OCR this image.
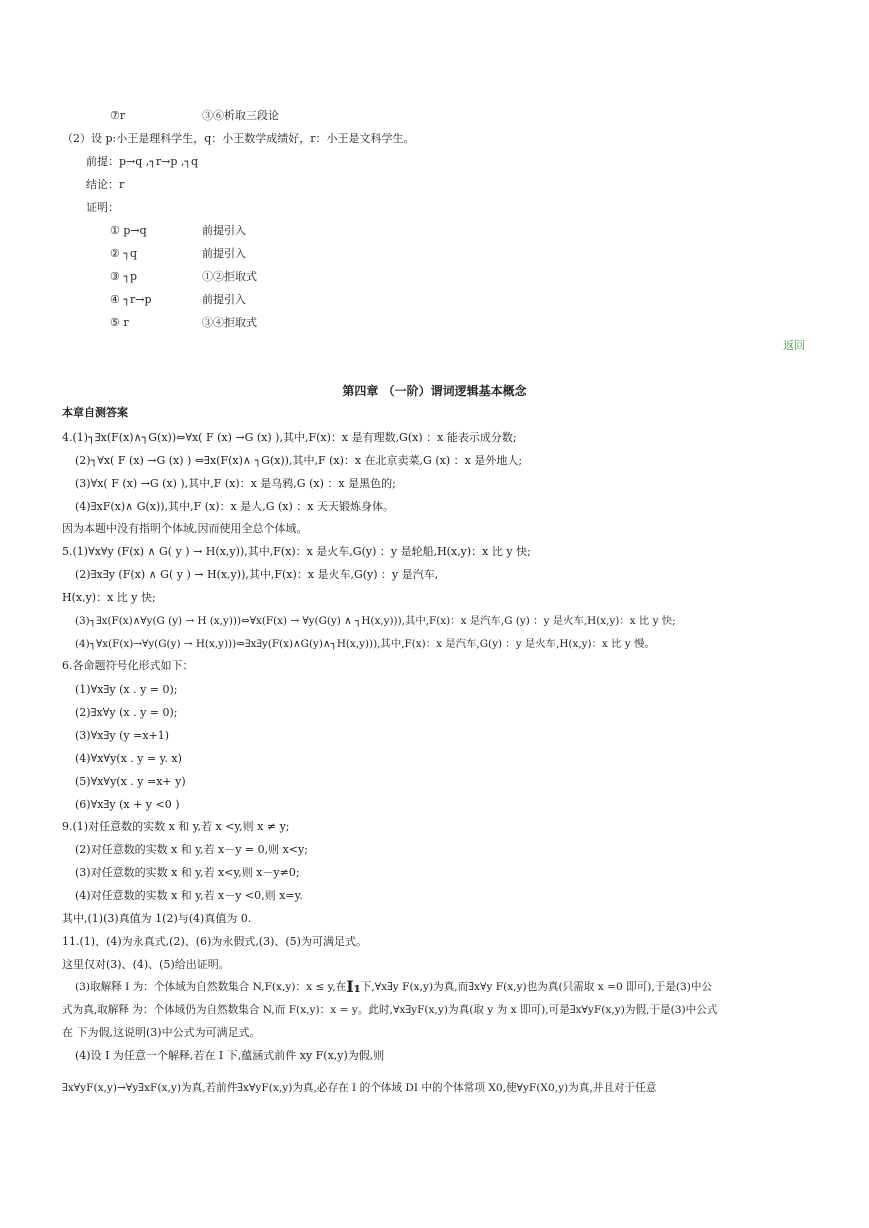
⑦r	③⑥析取三段论
（2）设 p:小王是理科学生，q：小王数学成绩好，r：小王是文科学生。
前提：p→q ,┐r→p ,┐q
结论：r
证明：
① p→q	前提引入
② ┐q	前提引入
③ ┐p	①②拒取式
④ ┐r→p	前提引入
⑤ r	③④拒取式
返回
第四章 （一阶）谓词逻辑基本概念
本章自测答案
4.(1)┐∃x(F(x)∧┐G(x))⇔∀x( F (x) →G (x) ),其中,F(x)：x 是有理数,G(x) ：x 能表示成分数;
(2)┐∀x( F (x) →G (x) ) ⇔∃x(F(x)∧ ┐G(x)),其中,F (x)：x 在北京卖菜,G (x) ：x 是外地人;
(3)∀x( F (x) →G (x) ),其中,F (x)：x 是乌鸦,G (x) ：x 是黑色的;
(4)∃xF(x)∧ G(x)),其中,F (x)：x 是人,G (x) ：x 天天锻炼身体。
因为本题中没有指明个体域,因而使用全总个体域。
5.(1)∀x∀y (F(x) ∧ G( y ) → H(x,y)),其中,F(x)：x 是火车,G(y) ：y 是轮船,H(x,y)：x 比 y 快;
(2)∃x∃y (F(x) ∧ G( y ) → H(x,y)),其中,F(x)：x 是火车,G(y) ：y 是汽车,
H(x,y)：x 比 y 快;
(3)┐∃x(F(x)∧∀y(G (y) → H (x,y)))⇔∀x(F(x) → ∀y(G(y) ∧ ┐H(x,y))),其中,F(x)：x 是汽车,G (y) ：y 是火车,H(x,y)：x 比 y 快;
(4)┐∀x(F(x)→∀y(G(y) → H(x,y)))⇔∃x∃y(F(x)∧G(y)∧┐H(x,y))),其中,F(x)：x 是汽车,G(y) ：y 是火车,H(x,y)：x 比 y 慢。
6.各命题符号化形式如下：
(1)∀x∃y (x . y = 0);
(2)∃x∀y (x . y = 0);
(3)∀x∃y (y =x+1)
(4)∀x∀y(x . y = y. x)
(5)∀x∀y(x . y =x+ y)
(6)∀x∃y (x + y <0 )
9.(1)对任意数的实数 x 和 y,若 x <y,则 x ≠ y;
(2)对任意数的实数 x 和 y,若 x－y = 0,则 x<y;
(3)对任意数的实数 x 和 y,若 x<y,则 x－y≠0;
(4)对任意数的实数 x 和 y,若 x－y <0,则 x=y.
其中,(1)(3)真值为 1(2)与(4)真值为 0.
11.(1)、(4)为永真式,(2)、(6)为永假式,(3)、(5)为可满足式。
这里仅对(3)、(4)、(5)给出证明。
(3)取解释 I 为：个体域为自然数集合 N,F(x,y)：x ≤ y,在I₁下,∀x∃y F(x,y)为真,而∃x∀y F(x,y)也为真(只需取 x =0 即可),于是(3)中公
式为真,取解释 为：个体域仍为自然数集合 N,而 F(x,y)：x = y。此时,∀x∃yF(x,y)为真(取 y 为 x 即可),可是∃x∀yF(x,y)为假,于是(3)中公式
在 下为假,这说明(3)中公式为可满足式。
(4)设 I 为任意一个解释,若在 I 下,蕴涵式前件 xy F(x,y)为假,则
∃x∀yF(x,y)→∀y∃xF(x,y)为真,若前件∃x∀yF(x,y)为真,必存在 I 的个体域 DI 中的个体常项 X0,使∀yF(X0,y)为真,并且对于任意
